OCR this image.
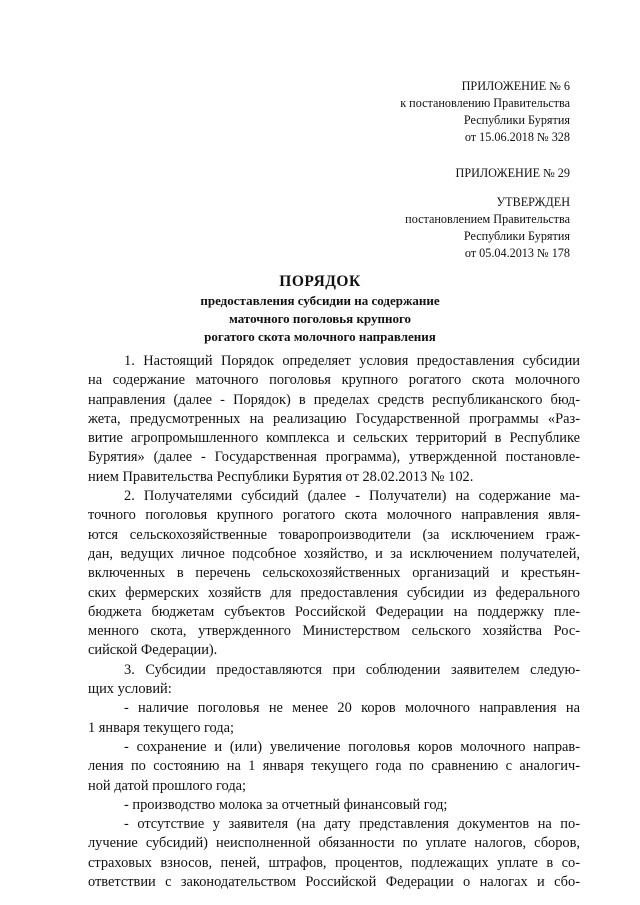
ПРИЛОЖЕНИЕ № 6
к постановлению Правительства
Республики Бурятия
от 15.06.2018 № 328
ПРИЛОЖЕНИЕ № 29
УТВЕРЖДЕН
постановлением Правительства
Республики Бурятия
от 05.04.2013 № 178
ПОРЯДОК
предоставления субсидии на содержание
маточного поголовья крупного
рогатого скота молочного направления
1. Настоящий Порядок определяет условия предоставления субсидии
на содержание маточного поголовья крупного рогатого скота молочного
направления (далее - Порядок) в пределах средств республиканского бюд-
жета, предусмотренных на реализацию Государственной программы «Раз-
витие агропромышленного комплекса и сельских территорий в Республике
Бурятия» (далее - Государственная программа), утвержденной постановле-
нием Правительства Республики Бурятия от 28.02.2013 № 102.
2. Получателями субсидий (далее - Получатели) на содержание ма-
точного поголовья крупного рогатого скота молочного направления явля-
ются сельскохозяйственные товаропроизводители (за исключением граж-
дан, ведущих личное подсобное хозяйство, и за исключением получателей,
включенных в перечень сельскохозяйственных организаций и крестьян-
ских фермерских хозяйств для предоставления субсидии из федерального
бюджета бюджетам субъектов Российской Федерации на поддержку пле-
менного скота, утвержденного Министерством сельского хозяйства Рос-
сийской Федерации).
3. Субсидии предоставляются при соблюдении заявителем следую-
щих условий:
- наличие поголовья не менее 20 коров молочного направления на
1 января текущего года;
- сохранение и (или) увеличение поголовья коров молочного направ-
ления по состоянию на 1 января текущего года по сравнению с аналогич-
ной датой прошлого года;
- производство молока за отчетный финансовый год;
- отсутствие у заявителя (на дату представления документов на по-
лучение субсидий) неисполненной обязанности по уплате налогов, сборов,
страховых взносов, пеней, штрафов, процентов, подлежащих уплате в со-
ответствии с законодательством Российской Федерации о налогах и сбо-
